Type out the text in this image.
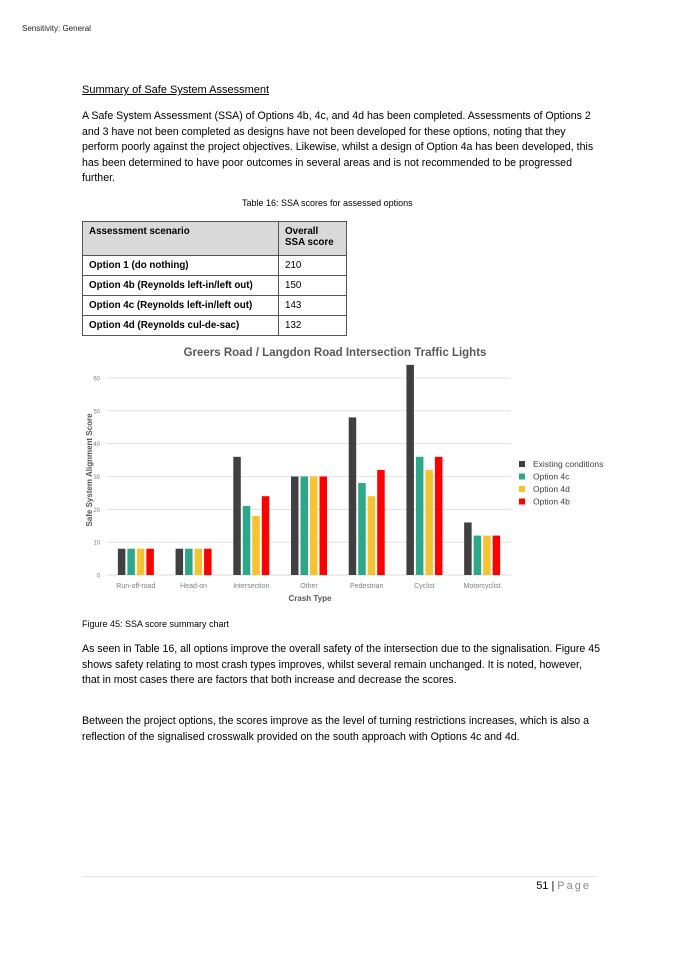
Sensitivity: General
Summary of Safe System Assessment
A Safe System Assessment (SSA) of Options 4b, 4c, and 4d has been completed. Assessments of Options 2 and 3 have not been completed as designs have not been developed for these options, noting that they perform poorly against the project objectives. Likewise, whilst a design of Option 4a has been developed, this has been determined to have poor outcomes in several areas and is not recommended to be progressed further.
Table 16: SSA scores for assessed options
Assessment scenario	Overall SSA score
Option 1 (do nothing)	210
Option 4b (Reynolds left-in/left out)	150
Option 4c (Reynolds left-in/left out)	143
Option 4d (Reynolds cul-de-sac)	132
Greers Road / Langdon Road Intersection Traffic Lights
Crash Type
Safe System Alignment Score
0
10
20
30
40
50
60
Run-off-road	Head-on	Intersection	Other	Pedestrian	Cyclist	Motorcyclist
Existing conditions
Option 4c
Option 4d
Option 4b
Figure 45: SSA score summary chart
As seen in Table 16, all options improve the overall safety of the intersection due to the signalisation. Figure 45 shows safety relating to most crash types improves, whilst several remain unchanged. It is noted, however, that in most cases there are factors that both increase and decrease the scores.
Between the project options, the scores improve as the level of turning restrictions increases, which is also a reflection of the signalised crosswalk provided on the south approach with Options 4c and 4d.
51 | Page
